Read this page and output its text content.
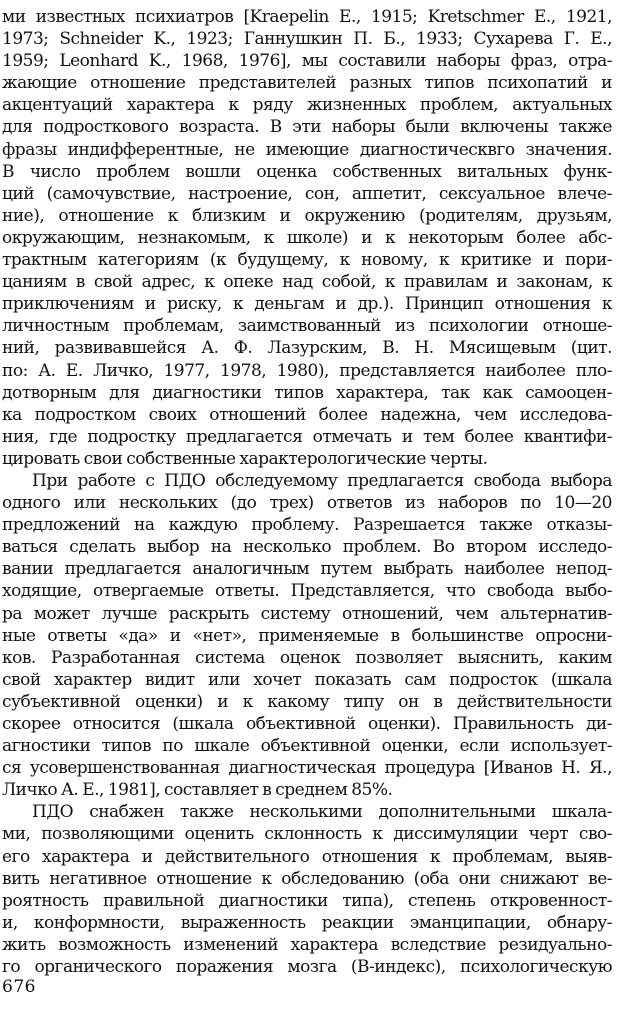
ми известных психиатров [Kraepelin E., 1915; Kretschmer E., 1921,
1973; Schneider K., 1923; Ганнушкин П. Б., 1933; Сухарева Г. Е.,
1959; Leonhard K., 1968, 1976], мы составили наборы фраз, отра-
жающие отношение представителей разных типов психопатий и
акцентуаций характера к ряду жизненных проблем, актуальных
для подросткового возраста. В эти наборы были включены также
фразы индифферентные, не имеющие диагностическвго значения.
В число проблем вошли оценка собственных витальных функ-
ций (самочувствие, настроение, сон, аппетит, сексуальное влече-
ние), отношение к близким и окружению (родителям, друзьям,
окружающим, незнакомым, к школе) и к некоторым более абс-
трактным категориям (к будущему, к новому, к критике и пори-
цаниям в свой адрес, к опеке над собой, к правилам и законам, к
приключениям и риску, к деньгам и др.). Принцип отношения к
личностным проблемам, заимствованный из психологии отноше-
ний, развивавшейся А. Ф. Лазурским, В. Н. Мясищевым (цит.
по: А. Е. Личко, 1977, 1978, 1980), представляется наиболее пло-
дотворным для диагностики типов характера, так как самооцен-
ка подростком своих отношений более надежна, чем исследова-
ния, где подростку предлагается отмечать и тем более квантифи-
цировать свои собственные характерологические черты.
При работе с ПДО обследуемому предлагается свобода выбора
одного или нескольких (до трех) ответов из наборов по 10—20
предложений на каждую проблему. Разрешается также отказы-
ваться сделать выбор на несколько проблем. Во втором исследо-
вании предлагается аналогичным путем выбрать наиболее непод-
ходящие, отвергаемые ответы. Представляется, что свобода выбо-
ра может лучше раскрыть систему отношений, чем альтернатив-
ные ответы «да» и «нет», применяемые в большинстве опросни-
ков. Разработанная система оценок позволяет выяснить, каким
свой характер видит или хочет показать сам подросток (шкала
субъективной оценки) и к какому типу он в действительности
скорее относится (шкала объективной оценки). Правильность ди-
агностики типов по шкале объективной оценки, если использует-
ся усовершенствованная диагностическая процедура [Иванов Н. Я.,
Личко А. Е., 1981], составляет в среднем 85%.
ПДО снабжен также несколькими дополнительными шкала-
ми, позволяющими оценить склонность к диссимуляции черт сво-
его характера и действительного отношения к проблемам, выяв-
вить негативное отношение к обследованию (оба они снижают ве-
роятность правильной диагностики типа), степень откровенност-
и, конформности, выраженность реакции эманципации, обнару-
жить возможность изменений характера вследствие резидуально-
го органического поражения мозга (В-индекс), психологическую
676
